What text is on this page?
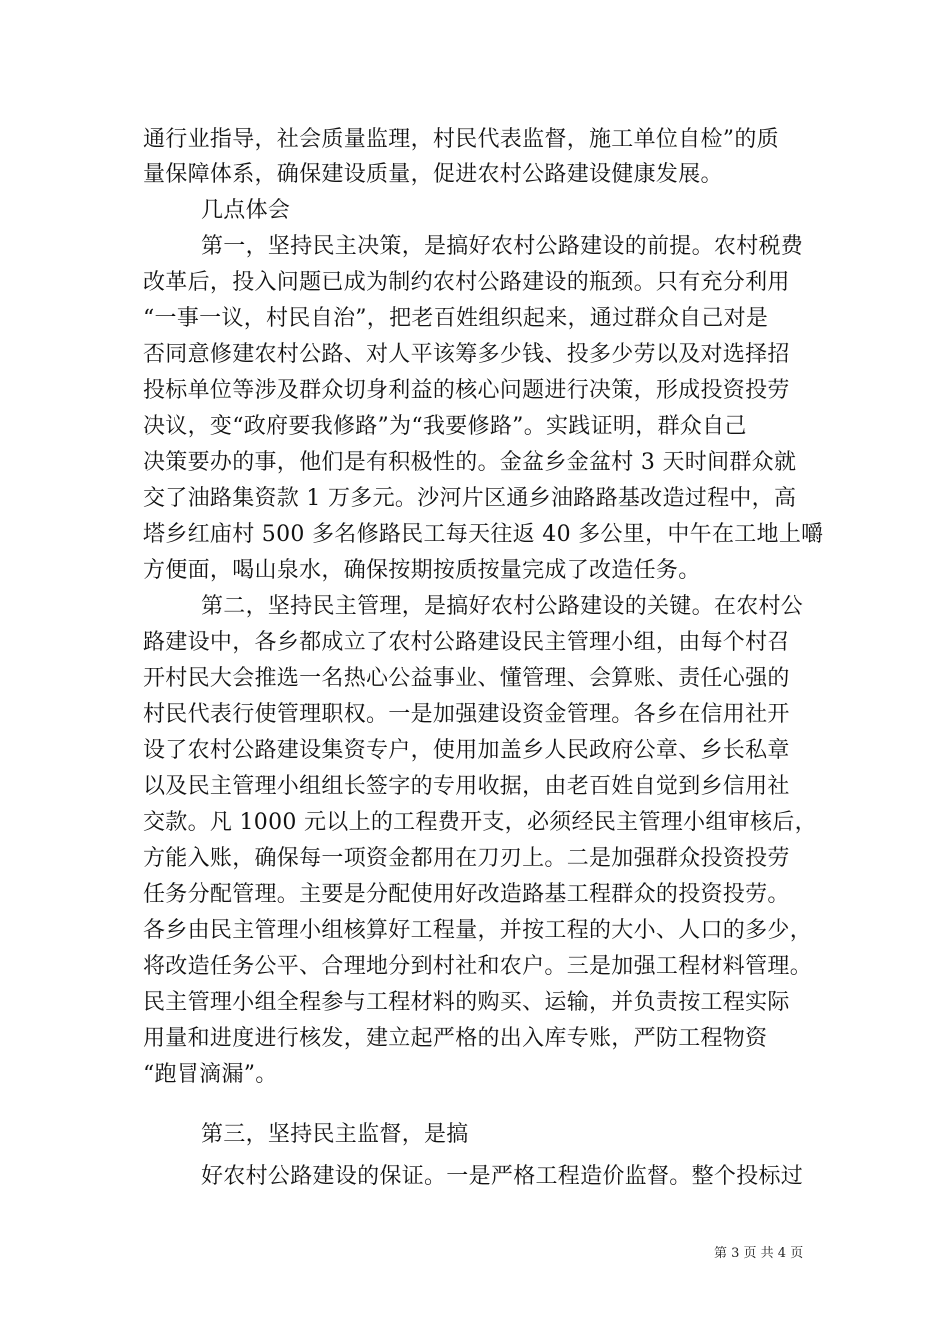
通行业指导，社会质量监理，村民代表监督，施工单位自检”的质
量保障体系，确保建设质量，促进农村公路建设健康发展。
几点体会
第一，坚持民主决策，是搞好农村公路建设的前提。农村税费
改革后，投入问题已成为制约农村公路建设的瓶颈。只有充分利用
“一事一议，村民自治”，把老百姓组织起来，通过群众自己对是
否同意修建农村公路、对人平该筹多少钱、投多少劳以及对选择招
投标单位等涉及群众切身利益的核心问题进行决策，形成投资投劳
决议，变“政府要我修路”为“我要修路”。实践证明，群众自己
决策要办的事，他们是有积极性的。金盆乡金盆村 3 天时间群众就
交了油路集资款 1 万多元。沙河片区通乡油路路基改造过程中，高
塔乡红庙村 500 多名修路民工每天往返 40 多公里，中午在工地上嚼
方便面，喝山泉水，确保按期按质按量完成了改造任务。
第二，坚持民主管理，是搞好农村公路建设的关键。在农村公
路建设中，各乡都成立了农村公路建设民主管理小组，由每个村召
开村民大会推选一名热心公益事业、懂管理、会算账、责任心强的
村民代表行使管理职权。一是加强建设资金管理。各乡在信用社开
设了农村公路建设集资专户，使用加盖乡人民政府公章、乡长私章
以及民主管理小组组长签字的专用收据，由老百姓自觉到乡信用社
交款。凡 1000 元以上的工程费开支，必须经民主管理小组审核后，
方能入账，确保每一项资金都用在刀刃上。二是加强群众投资投劳
任务分配管理。主要是分配使用好改造路基工程群众的投资投劳。
各乡由民主管理小组核算好工程量，并按工程的大小、人口的多少，
将改造任务公平、合理地分到村社和农户。三是加强工程材料管理。
民主管理小组全程参与工程材料的购买、运输，并负责按工程实际
用量和进度进行核发，建立起严格的出入库专账，严防工程物资
“跑冒滴漏”。
第三，坚持民主监督，是搞
好农村公路建设的保证。一是严格工程造价监督。整个投标过
第 3 页 共 4 页
